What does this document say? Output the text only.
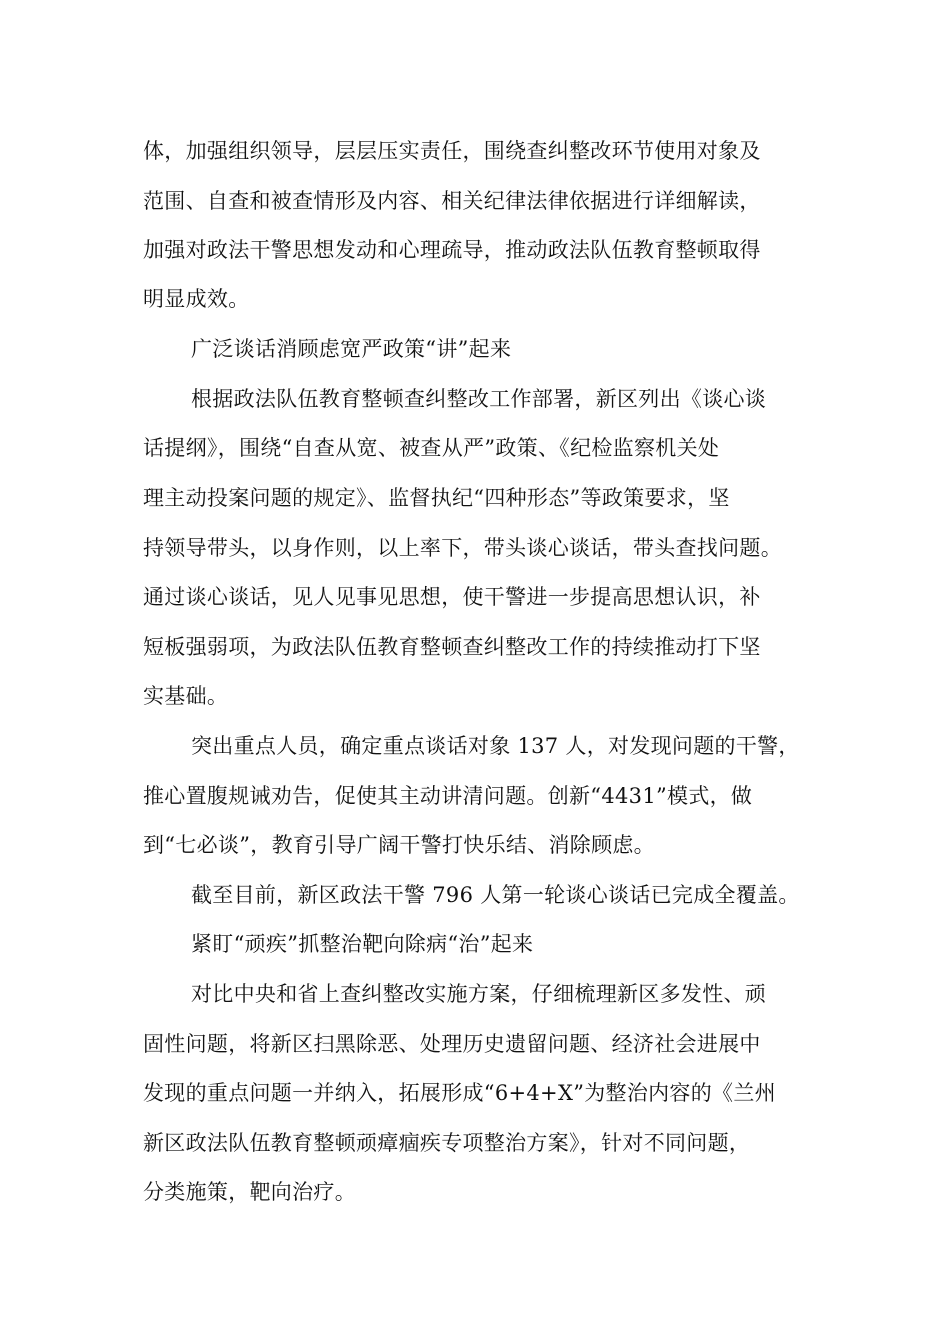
体，加强组织领导，层层压实责任，围绕查纠整改环节使用对象及
范围、自查和被查情形及内容、相关纪律法律依据进行详细解读，
加强对政法干警思想发动和心理疏导，推动政法队伍教育整顿取得
明显成效。
广泛谈话消顾虑宽严政策“讲”起来
根据政法队伍教育整顿查纠整改工作部署，新区列出《谈心谈
话提纲》，围绕“自查从宽、被查从严”政策、《纪检监察机关处
理主动投案问题的规定》、监督执纪“四种形态”等政策要求，坚
持领导带头，以身作则，以上率下，带头谈心谈话，带头查找问题。
通过谈心谈话，见人见事见思想，使干警进一步提高思想认识，补
短板强弱项，为政法队伍教育整顿查纠整改工作的持续推动打下坚
实基础。
突出重点人员，确定重点谈话对象 137 人，对发现问题的干警，
推心置腹规诫劝告，促使其主动讲清问题。创新“4431”模式，做
到“七必谈”，教育引导广阔干警打快乐结、消除顾虑。
截至目前，新区政法干警 796 人第一轮谈心谈话已完成全覆盖。
紧盯“顽疾”抓整治靶向除病“治”起来
对比中央和省上查纠整改实施方案，仔细梳理新区多发性、顽
固性问题，将新区扫黑除恶、处理历史遗留问题、经济社会进展中
发现的重点问题一并纳入，拓展形成“6+4+X”为整治内容的《兰州
新区政法队伍教育整顿顽瘴痼疾专项整治方案》，针对不同问题，
分类施策，靶向治疗。
